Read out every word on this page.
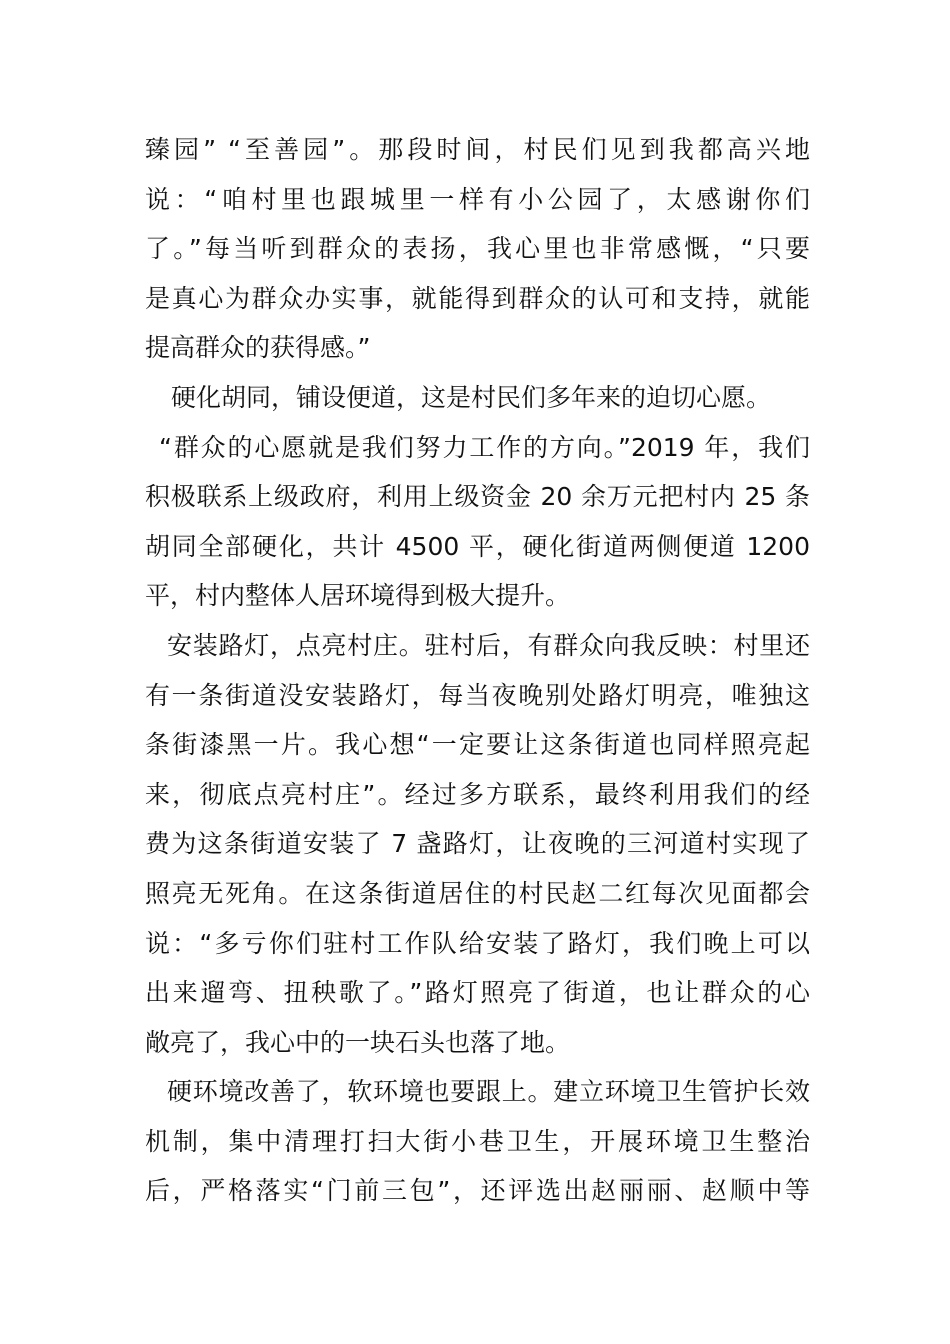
臻园” “至善园”。那段时间，村民们见到我都高兴地
说：“咱村里也跟城里一样有小公园了，太感谢你们
了。”每当听到群众的表扬，我心里也非常感慨，“只要
是真心为群众办实事，就能得到群众的认可和支持，就能
提高群众的获得感。”
硬化胡同，铺设便道，这是村民们多年来的迫切心愿。
“群众的心愿就是我们努力工作的方向。”2019 年，我们
积极联系上级政府，利用上级资金 20 余万元把村内 25 条
胡同全部硬化，共计 4500 平，硬化街道两侧便道 1200
平，村内整体人居环境得到极大提升。
安装路灯，点亮村庄。驻村后，有群众向我反映：村里还
有一条街道没安装路灯，每当夜晚别处路灯明亮，唯独这
条街漆黑一片。我心想“一定要让这条街道也同样照亮起
来，彻底点亮村庄”。经过多方联系，最终利用我们的经
费为这条街道安装了 7 盏路灯，让夜晚的三河道村实现了
照亮无死角。在这条街道居住的村民赵二红每次见面都会
说：“多亏你们驻村工作队给安装了路灯，我们晚上可以
出来遛弯、扭秧歌了。”路灯照亮了街道，也让群众的心
敞亮了，我心中的一块石头也落了地。
硬环境改善了，软环境也要跟上。建立环境卫生管护长效
机制，集中清理打扫大街小巷卫生，开展环境卫生整治
后，严格落实“门前三包”，还评选出赵丽丽、赵顺中等
